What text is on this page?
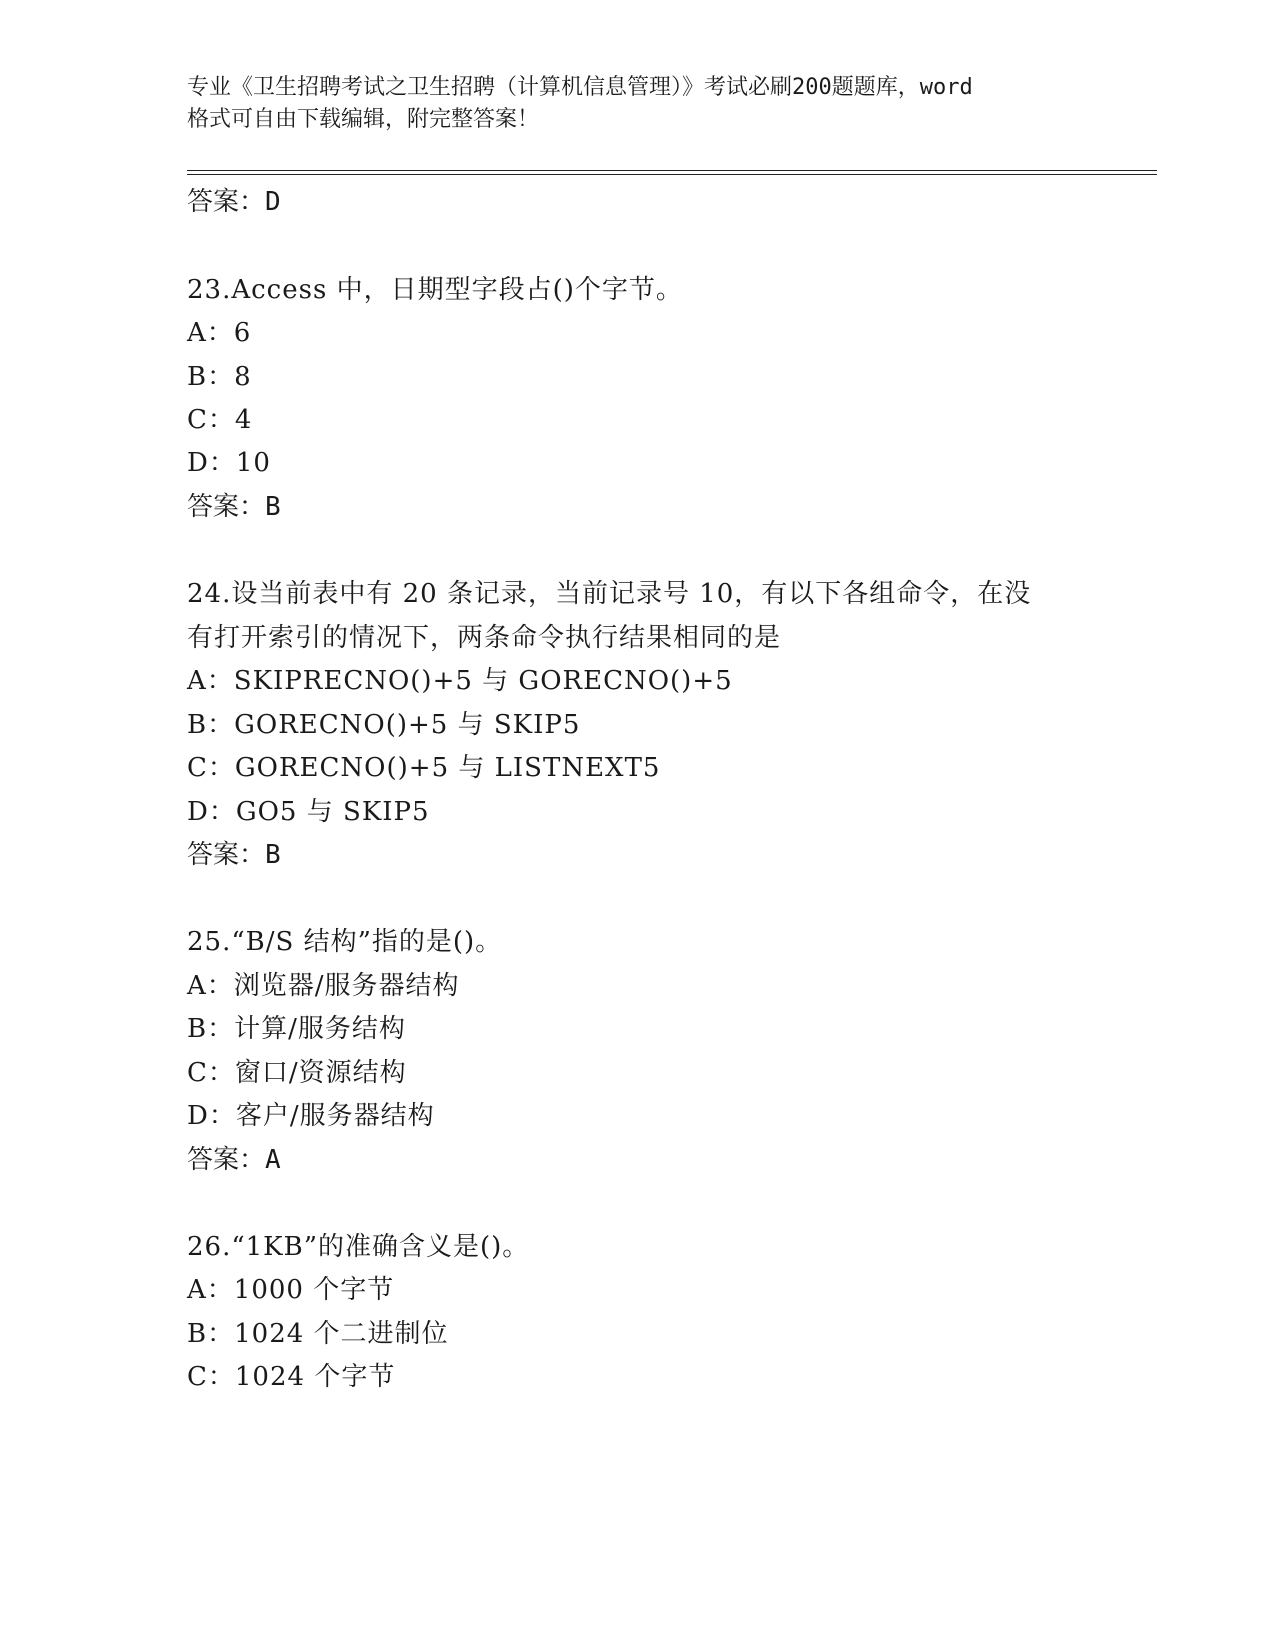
专业《卫生招聘考试之卫生招聘（计算机信息管理）》考试必刷200题题库，word
格式可自由下载编辑，附完整答案！
答案：D
23.Access 中，日期型字段占()个字节。
A：6
B：8
C：4
D：10
答案：B
24.设当前表中有 20 条记录，当前记录号 10，有以下各组命令，在没
有打开索引的情况下，两条命令执行结果相同的是
A：SKIPRECNO()+5 与 GORECNO()+5
B：GORECNO()+5 与 SKIP5
C：GORECNO()+5 与 LISTNEXT5
D：GO5 与 SKIP5
答案：B
25.“B/S 结构”指的是()。
A：浏览器/服务器结构
B：计算/服务结构
C：窗口/资源结构
D：客户/服务器结构
答案：A
26.“1KB”的准确含义是()。
A：1000 个字节
B：1024 个二进制位
C：1024 个字节
